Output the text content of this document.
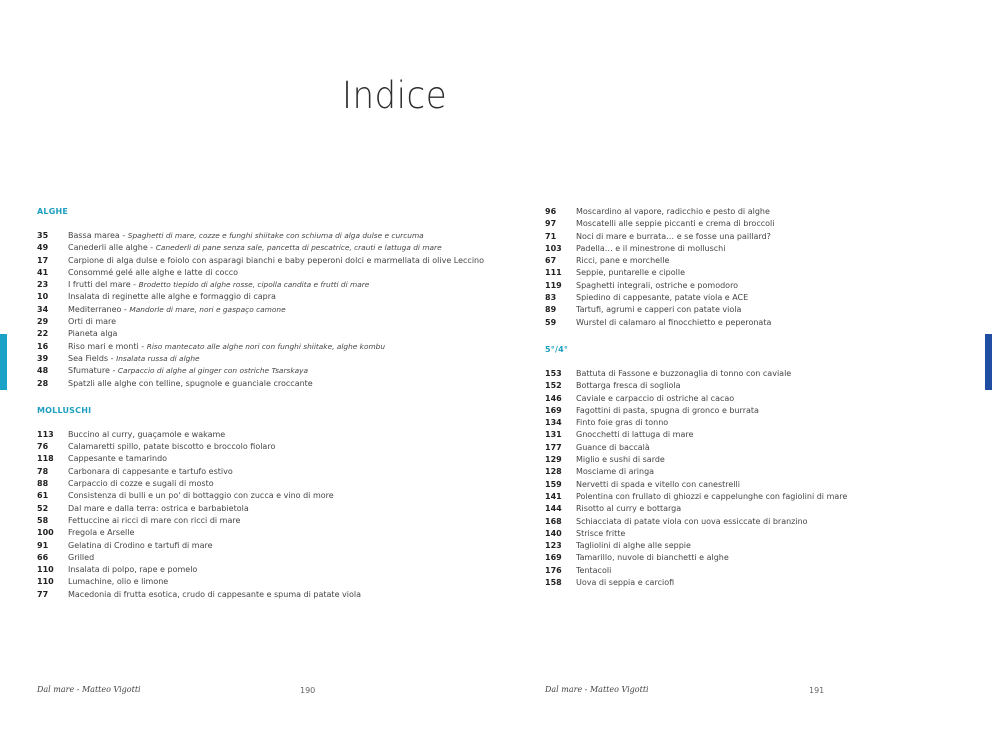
Indice
ALGHE
35	Bassa marea - Spaghetti di mare, cozze e funghi shiitake con schiuma di alga dulse e curcuma
49	Canederli alle alghe - Canederli di pane senza sale, pancetta di pescatrice, crauti e lattuga di mare
17	Carpione di alga dulse e foiolo con asparagi bianchi e baby peperoni dolci e marmellata di olive Leccino
41	Consommé gelé alle alghe e latte di cocco
23	I frutti del mare - Brodetto tiepido di alghe rosse, cipolla candita e frutti di mare
10	Insalata di reginette alle alghe e formaggio di capra
34	Mediterraneo - Mandorle di mare, nori e gaspaço camone
29	Orti di mare
22	Pianeta alga
16	Riso mari e monti - Riso mantecato alle alghe nori con funghi shiitake, alghe kombu
39	Sea Fields - Insalata russa di alghe
48	Sfumature - Carpaccio di alghe al ginger con ostriche Tsarskaya
28	Spatzli alle alghe con telline, spugnole e guanciale croccante
MOLLUSCHI
113	Buccino al curry, guaçamole e wakame
76	Calamaretti spillo, patate biscotto e broccolo fiolaro
118	Cappesante e tamarindo
78	Carbonara di cappesante e tartufo estivo
88	Carpaccio di cozze e sugali di mosto
61	Consistenza di bulli e un po' di bottaggio con zucca e vino di more
52	Dal mare e dalla terra: ostrica e barbabietola
58	Fettuccine ai ricci di mare con ricci di mare
100	Fregola e Arselle
91	Gelatina di Crodino e tartufi di mare
66	Grilled
110	Insalata di polpo, rape e pomelo
110	Lumachine, olio e limone
77	Macedonia di frutta esotica, crudo di cappesante e spuma di patate viola
96	Moscardino al vapore, radicchio e pesto di alghe
97	Moscatelli alle seppie piccanti e crema di broccoli
71	Noci di mare e burrata… e se fosse una paillard?
103	Padella… e il minestrone di molluschi
67	Ricci, pane e morchelle
111	Seppie, puntarelle e cipolle
119	Spaghetti integrali, ostriche e pomodoro
83	Spiedino di cappesante, patate viola e ACE
89	Tartufi, agrumi e capperi con patate viola
59	Wurstel di calamaro al finocchietto e peperonata
5°/4°
153	Battuta di Fassone e buzzonaglia di tonno con caviale
152	Bottarga fresca di sogliola
146	Caviale e carpaccio di ostriche al cacao
169	Fagottini di pasta, spugna di gronco e burrata
134	Finto foie gras di tonno
131	Gnocchetti di lattuga di mare
177	Guance di baccalà
129	Miglio e sushi di sarde
128	Mosciame di aringa
159	Nervetti di spada e vitello con canestrelli
141	Polentina con frullato di ghiozzi e cappelunghe con fagiolini di mare
144	Risotto al curry e bottarga
168	Schiacciata di patate viola con uova essiccate di branzino
140	Strisce fritte
123	Tagliolini di alghe alle seppie
169	Tamarillo, nuvole di bianchetti e alghe
176	Tentacoli
158	Uova di seppia e carciofi
Dal mare - Matteo Vigotti	190	Dal mare - Matteo Vigotti	191
